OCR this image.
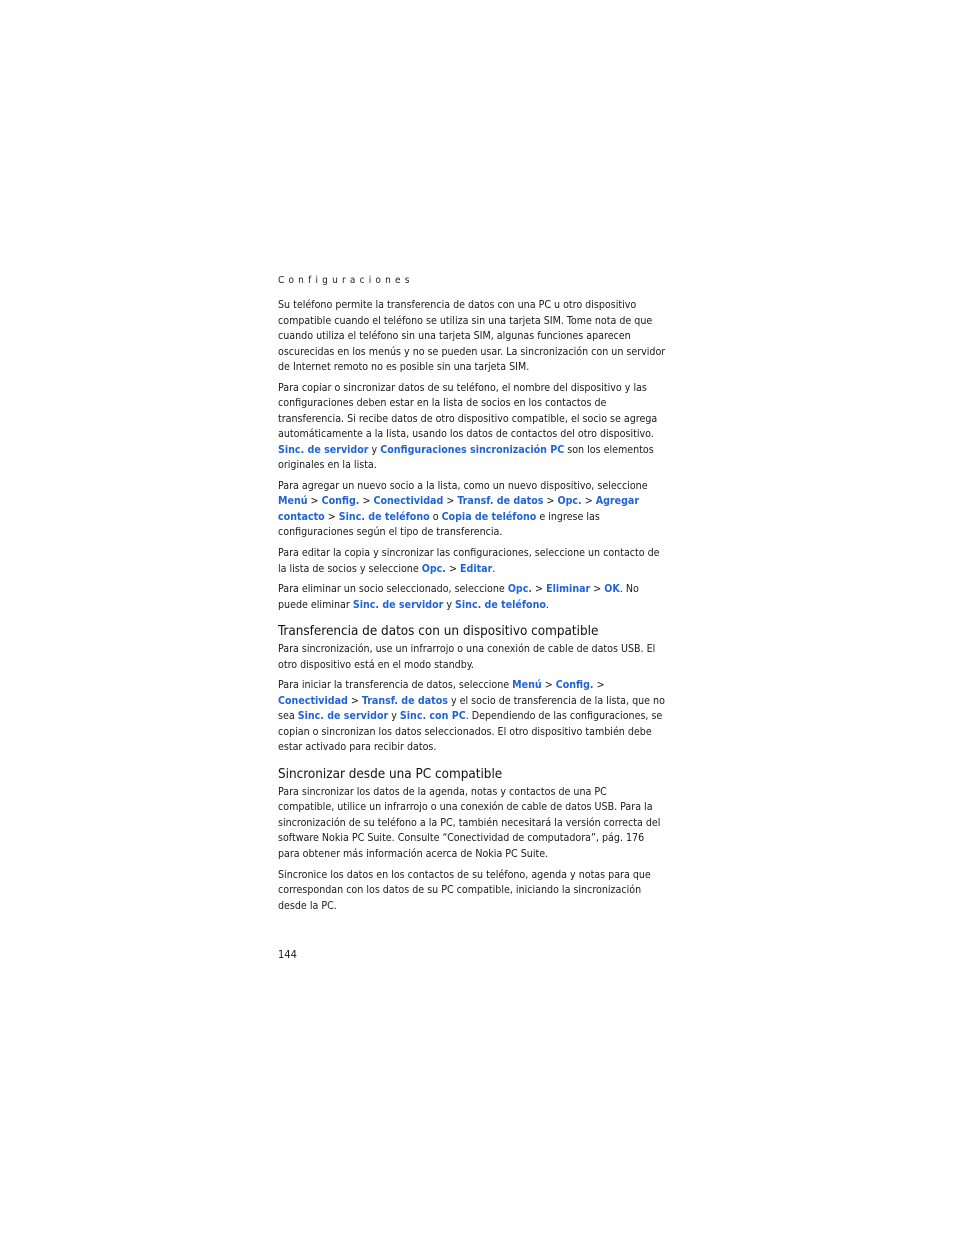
Configuraciones

Su teléfono permite la transferencia de datos con una PC u otro dispositivo compatible cuando el teléfono se utiliza sin una tarjeta SIM. Tome nota de que cuando utiliza el teléfono sin una tarjeta SIM, algunas funciones aparecen oscurecidas en los menús y no se pueden usar. La sincronización con un servidor de Internet remoto no es posible sin una tarjeta SIM.

Para copiar o sincronizar datos de su teléfono, el nombre del dispositivo y las configuraciones deben estar en la lista de socios en los contactos de transferencia. Si recibe datos de otro dispositivo compatible, el socio se agrega automáticamente a la lista, usando los datos de contactos del otro dispositivo. Sinc. de servidor y Configuraciones sincronización PC son los elementos originales en la lista.

Para agregar un nuevo socio a la lista, como un nuevo dispositivo, seleccione Menú > Config. > Conectividad > Transf. de datos > Opc. > Agregar contacto > Sinc. de teléfono o Copia de teléfono e ingrese las configuraciones según el tipo de transferencia.

Para editar la copia y sincronizar las configuraciones, seleccione un contacto de la lista de socios y seleccione Opc. > Editar.

Para eliminar un socio seleccionado, seleccione Opc. > Eliminar > OK. No puede eliminar Sinc. de servidor y Sinc. de teléfono.

Transferencia de datos con un dispositivo compatible

Para sincronización, use un infrarrojo o una conexión de cable de datos USB. El otro dispositivo está en el modo standby.

Para iniciar la transferencia de datos, seleccione Menú > Config. > Conectividad > Transf. de datos y el socio de transferencia de la lista, que no sea Sinc. de servidor y Sinc. con PC. Dependiendo de las configuraciones, se copian o sincronizan los datos seleccionados. El otro dispositivo también debe estar activado para recibir datos.

Sincronizar desde una PC compatible

Para sincronizar los datos de la agenda, notas y contactos de una PC compatible, utilice un infrarrojo o una conexión de cable de datos USB. Para la sincronización de su teléfono a la PC, también necesitará la versión correcta del software Nokia PC Suite. Consulte “Conectividad de computadora”, pág. 176 para obtener más información acerca de Nokia PC Suite.

Sincronice los datos en los contactos de su teléfono, agenda y notas para que correspondan con los datos de su PC compatible, iniciando la sincronización desde la PC.

144
